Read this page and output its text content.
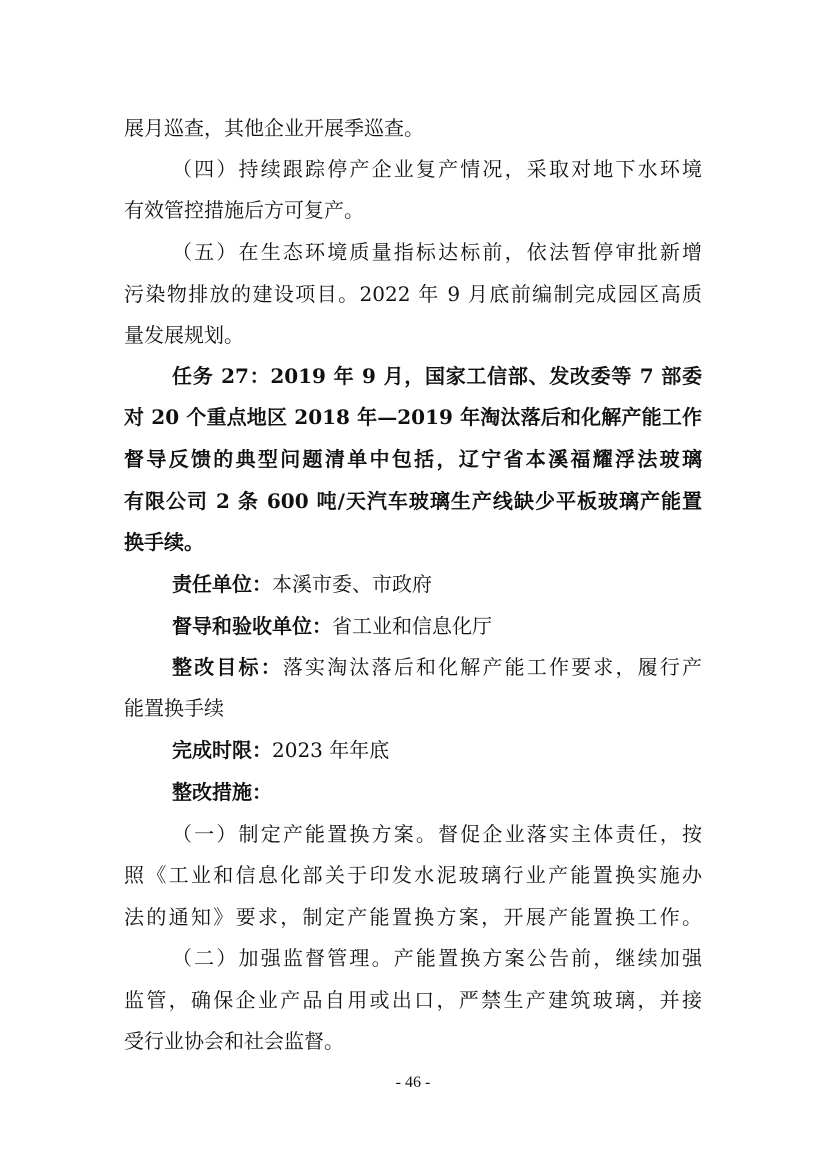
展月巡查，其他企业开展季巡查。
（四）持续跟踪停产企业复产情况，采取对地下水环境
有效管控措施后方可复产。
（五）在生态环境质量指标达标前，依法暂停审批新增
污染物排放的建设项目。2022 年 9 月底前编制完成园区高质
量发展规划。
任务 27：2019 年 9 月，国家工信部、发改委等 7 部委
对 20 个重点地区 2018 年—2019 年淘汰落后和化解产能工作
督导反馈的典型问题清单中包括，辽宁省本溪福耀浮法玻璃
有限公司 2 条 600 吨/天汽车玻璃生产线缺少平板玻璃产能置
换手续。
责任单位：本溪市委、市政府
督导和验收单位：省工业和信息化厅
整改目标：落实淘汰落后和化解产能工作要求，履行产
能置换手续
完成时限：2023 年年底
整改措施：
（一）制定产能置换方案。督促企业落实主体责任，按
照《工业和信息化部关于印发水泥玻璃行业产能置换实施办
法的通知》要求，制定产能置换方案，开展产能置换工作。
（二）加强监督管理。产能置换方案公告前，继续加强
监管，确保企业产品自用或出口，严禁生产建筑玻璃，并接
受行业协会和社会监督。
- 46 -
